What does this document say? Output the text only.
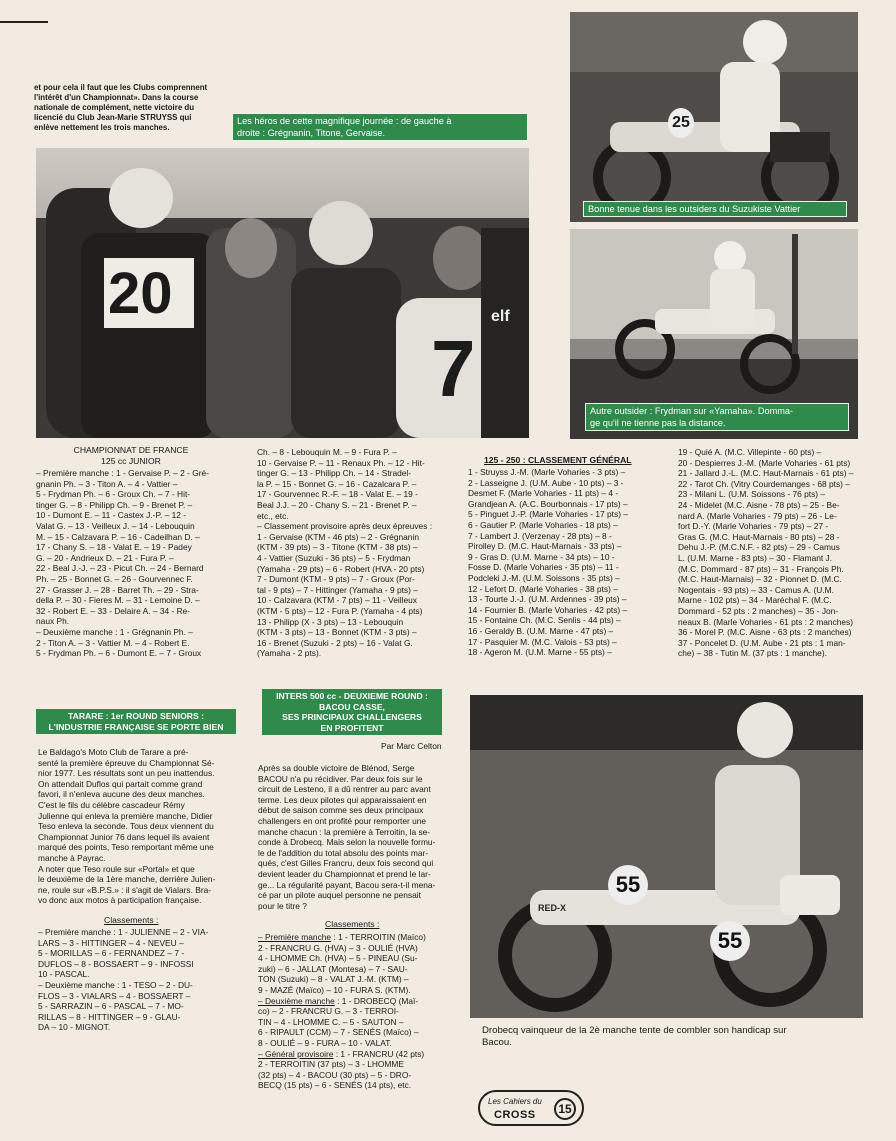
et pour cela il faut que les Clubs comprennent
l'intérêt d'un Championnat». Dans la course
nationale de complément, nette victoire du
licencié du Club Jean-Marie STRUYSS qui
enlève nettement les trois manches.
Les héros de cette magnifique journée : de gauche à
droite : Grégnanin, Titone, Gervaise.
20
7
elf
25
Bonne tenue dans les outsiders du Suzukiste Vattier
Autre outsider : Frydman sur «Yamaha». Domma-
ge qu'il ne tienne pas la distance.
CHAMPIONNAT DE FRANCE
125 cc JUNIOR
– Première manche : 1 - Gervaise P. – 2 - Gré-
gnanin Ph. – 3 - Titon A. – 4 - Vattier –
5 - Frydman Ph. – 6 - Groux Ch. – 7 - Hit-
tinger G. – 8 - Philipp Ch. – 9 - Brenet P. –
10 - Dumont E. – 11 - Castex J.-P. – 12 -
Valat G. – 13 - Veilleux J. – 14 - Lebouquin
M. – 15 - Calzavara P. – 16 - Cadeilhan D. –
17 - Chany S. – 18 - Valat E. – 19 - Padey
G. – 20 - Andrieux D. – 21 - Fura P. –
22 - Beal J.-J. – 23 - Picut Ch. – 24 - Bernard
Ph. – 25 - Bonnet G. – 26 - Gourvennec F.
27 - Grasser J. – 28 - Barret Th. – 29 - Stra-
della P. – 30 - Fieres M. – 31 - Lemoine D. –
32 - Robert E. – 33 - Delaire A. – 34 - Re-
naux Ph.
– Deuxième manche : 1 - Grégnanin Ph. –
2 - Titon A. – 3 - Vattier M. – 4 - Robert E.
5 - Frydman Ph. – 6 - Dumont E. – 7 - Groux
Ch. – 8 - Lebouquin M. – 9 - Fura P. –
10 - Gervaise P. – 11 - Renaux Ph. – 12 - Hit-
tinger G. – 13 - Philipp Ch. – 14 - Stradel-
la P. – 15 - Bonnet G. – 16 - Cazalcara P. –
17 - Gourvennec R.-F. – 18 - Valat E. – 19 -
Beal J.J. – 20 - Chany S. – 21 - Brenet P. –
etc., etc.
– Classement provisoire après deux épreuves :
1 - Gervaise (KTM - 46 pts) – 2 - Grégnanin
(KTM - 39 pts) – 3 - Titone (KTM - 38 pts) –
4 - Vattier (Suzuki - 36 pts) – 5 - Frydman
(Yamaha - 29 pts) – 6 - Robert (HVA - 20 pts)
7 - Dumont (KTM - 9 pts) – 7 - Groux (Por-
tal - 9 pts) – 7 - Hittinger (Yamaha - 9 pts) –
10 - Calzavara (KTM - 7 pts) – 11 - Veilleux
(KTM - 5 pts) – 12 - Fura P. (Yamaha - 4 pts)
13 - Philipp (X - 3 pts) – 13 - Lebouquin
(KTM - 3 pts) – 13 - Bonnet (KTM - 3 pts) –
16 - Brenet (Suzuki - 2 pts) – 16 - Valat G.
(Yamaha - 2 pts).
125 - 250 : CLASSEMENT GÉNÉRAL
1 - Struyss J.-M. (Marle Voharies - 3 pts) –
2 - Lasseigne J. (U.M. Aube - 10 pts) – 3 -
Desmet F. (Marle Voharies - 11 pts) – 4 -
Grandjean A. (A.C. Bourbonnais - 17 pts) –
5 - Pinguet J.-P. (Marle Voharies - 17 pts) –
6 - Gautier P. (Marle Voharies - 18 pts) –
7 - Lambert J. (Verzenay - 28 pts) – 8 -
Pirolley D. (M.C. Haut-Marnais - 33 pts) –
9 - Gras D. (U.M. Marne - 34 pts) – 10 -
Fosse D. (Marle Voharies - 35 pts) – 11 -
Podcleki J.-M. (U.M. Soissons - 35 pts) –
12 - Lefort D. (Marle Voharies - 38 pts) –
13 - Tourte J.-J. (U.M. Ardennes - 39 pts) –
14 - Fournier B. (Marle Voharies - 42 pts) –
15 - Fontaine Ch. (M.C. Senlis - 44 pts) –
16 - Geraldy B. (U.M. Marne - 47 pts) –
17 - Pasquier M. (M.C. Valois - 53 pts) –
18 - Ageron M. (U.M. Marne - 55 pts) –
19 - Quié A. (M.C. Villepinte - 60 pts) –
20 - Despierres J.-M. (Marle Voharies - 61 pts)
21 - Jallard J.-L. (M.C. Haut-Marnais - 61 pts) –
22 - Tarot Ch. (Vitry Courdemanges - 68 pts) –
23 - Milani L. (U.M. Soissons - 76 pts) –
24 - Midelet (M.C. Aisne - 78 pts) – 25 - Be-
nard A. (Marle Voharies - 79 pts) – 26 - Le-
fort D.-Y. (Marle Voharies - 79 pts) – 27 -
Gras G. (M.C. Haut-Marnais - 80 pts) – 28 -
Dehu J.-P. (M.C.N.F. - 82 pts) – 29 - Camus
L. (U.M. Marne - 83 pts) – 30 - Flamant J.
(M.C. Dommard - 87 pts) – 31 - François Ph.
(M.C. Haut-Marnais) – 32 - Pionnet D. (M.C.
Nogentais - 93 pts) – 33 - Camus A. (U.M.
Marne - 102 pts) – 34 - Maréchal F. (M.C.
Dommard - 52 pts : 2 manches) – 35 - Jon-
neaux B. (Marle Voharies - 61 pts : 2 manches)
36 - Morel P. (M.C. Aisne - 63 pts : 2 manches)
37 - Poncelet D. (U.M. Aube - 21 pts : 1 man-
che) – 38 - Tutin M. (37 pts : 1 manche).
TARARE : 1er ROUND SENIORS :
L'INDUSTRIE FRANÇAISE SE PORTE BIEN
Le Baldago's Moto Club de Tarare a pré-
senté la première épreuve du Championnat Sé-
nior 1977. Les résultats sont un peu inattendus.
On attendait Duflos qui partait comme grand
favori, il n'enleva aucune des deux manches.
C'est le fils du célèbre cascadeur Rémy
Julienne qui enleva la première manche, Didier
Teso enleva la seconde. Tous deux viennent du
Championnat Junior 76 dans lequel ils avaient
marqué des points, Teso remportant même une
manche à Payrac.
A noter que Teso roule sur «Portal» et que
le deuxième de la 1ère manche, derrière Julien-
ne, roule sur «B.P.S.» : il s'agit de Vialars. Bra-
vo donc aux motos à participation française.
Classements :
– Première manche : 1 - JULIENNE – 2 - VIA-
LARS – 3 - HITTINGER – 4 - NEVEU –
5 - MORILLAS – 6 - FERNANDEZ – 7 -
DUFLOS – 8 - BOSSAERT – 9 - INFOSSI
10 - PASCAL.
– Deuxième manche : 1 - TESO – 2 - DU-
FLOS – 3 - VIALARS – 4 - BOSSAERT –
5 - SARRAZIN – 6 - PASCAL – 7 - MO-
RILLAS – 8 - HITTINGER – 9 - GLAU-
DA – 10 - MIGNOT.
INTERS 500 cc - DEUXIEME ROUND :
BACOU CASSE,
SES PRINCIPAUX CHALLENGERS
EN PROFITENT
Par Marc Celton
Après sa double victoire de Blénod, Serge
BACOU n'a pu récidiver. Par deux fois sur le
circuit de Lesteno, il a dû rentrer au parc avant
terme. Les deux pilotes qui apparaissaient en
début de saison comme ses deux principaux
challengers en ont profité pour remporter une
manche chacun : la première à Terroitin, la se-
conde à Drobecq. Mais selon la nouvelle formu-
le de l'addition du total absolu des points mar-
qués, c'est Gilles Francru, deux fois second qui
devient leader du Championnat et prend le lar-
ge... La régularité payant, Bacou sera-t-il mena-
cé par un pilote auquel personne ne pensait
pour le titre ?
Classements :
– Première manche : 1 - TERROITIN (Maïco)
2 - FRANCRU G. (HVA) – 3 - OULIÉ (HVA)
4 - LHOMME Ch. (HVA) – 5 - PINEAU (Su-
zuki) – 6 - JALLAT (Montesa) – 7 - SAU-
TON (Suzuki) – 8 - VALAT J.-M. (KTM) –
9 - MAZÉ (Maïco) – 10 - FURA S. (KTM).
– Deuxième manche : 1 - DROBECQ (Maï-
co) – 2 - FRANCRU G. – 3 - TERROI-
TIN – 4 - LHOMME C. – 5 - SAUTON –
6 - RIPAULT (CCM) – 7 - SENÉS (Maïco) –
8 - OULIÉ – 9 - FURA – 10 - VALAT.
– Général provisoire : 1 - FRANCRU (42 pts)
2 - TERROITIN (37 pts) – 3 - LHOMME
(32 pts) – 4 - BACOU (30 pts) – 5 - DRO-
BECQ (15 pts) – 6 - SENÉS (14 pts), etc.
55
55
RED-X
Drobecq vainqueur de la 2è manche tente de combler son handicap sur
Bacou.
Les Cahiers du
CROSS	15
